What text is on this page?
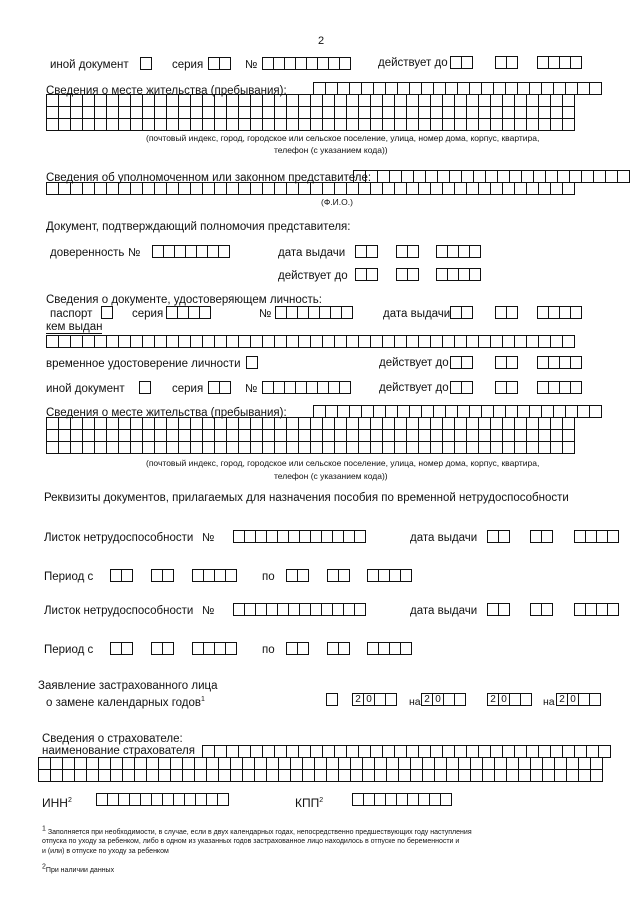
2
иной документ	серия	№	действует до
Сведения о месте жительства (пребывания):
(почтовый индекс, город, городское или сельское поселение, улица, номер дома, корпус, квартира,
телефон (с указанием кода))
Сведения об уполномоченном или законном представителе:
(Ф.И.О.)
Документ, подтверждающий полномочия представителя:
доверенность №	дата выдачи
действует до
Сведения о документе, удостоверяющем личность:
паспорт	серия	№	дата выдачи
кем выдан
временное удостоверение личности	действует до
иной документ	серия	№	действует до
Сведения о месте жительства (пребывания):
(почтовый индекс, город, городское или сельское поселение, улица, номер дома, корпус, квартира,
телефон (с указанием кода))
Реквизиты документов, прилагаемых для назначения пособия по временной нетрудоспособности
Листок нетрудоспособности №	дата выдачи
Период с	по
Листок нетрудоспособности №	дата выдачи
Период с	по
Заявление застрахованного лица
о замене календарных годов$^1$	2 0	на 2 0	2 0	на 2 0
Сведения о страхователе:
наименование страхователя
ИНН$^2$	КПП$^2$
$^1$ Заполняется при необходимости, в случае, если в двух календарных годах, непосредственно предшествующих году наступления
отпуска по уходу за ребенком, либо в одном из указанных годов застрахованное лицо находилось в отпуске по беременности и
и (или) в отпуске по уходу за ребенком
$^2$При наличии данных
